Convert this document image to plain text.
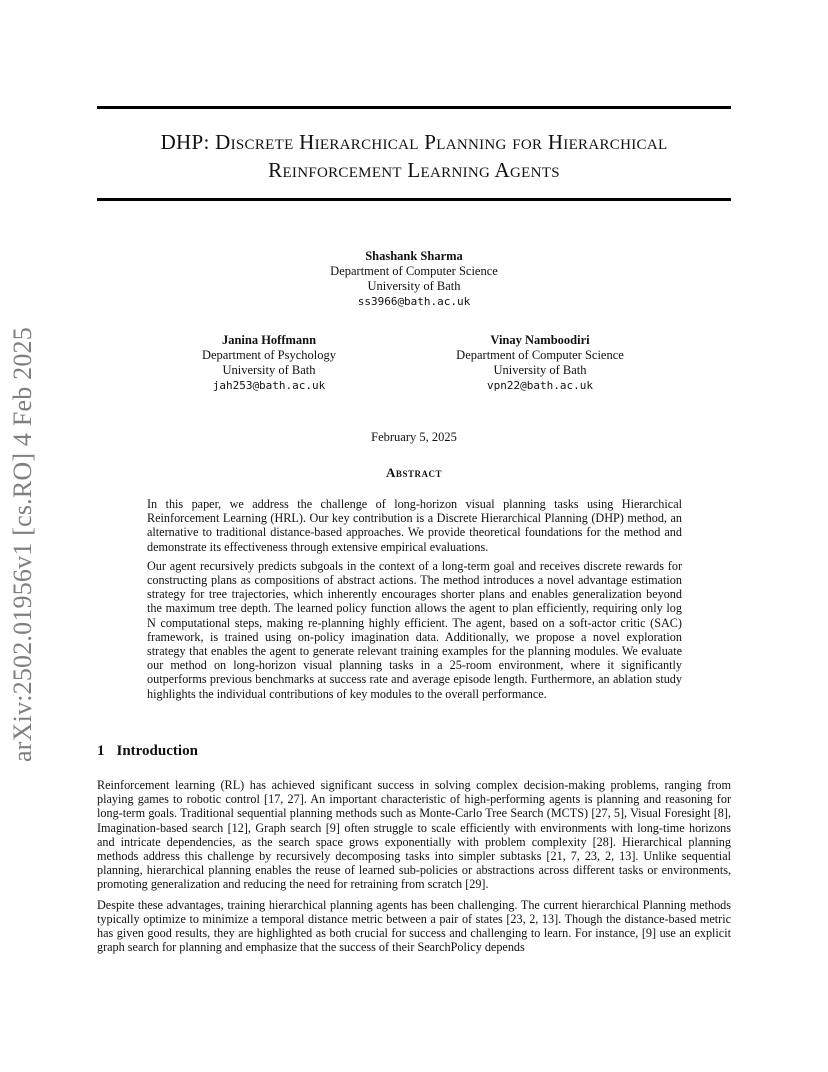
arXiv:2502.01956v1 [cs.RO] 4 Feb 2025
DHP: Discrete Hierarchical Planning for Hierarchical
Reinforcement Learning Agents
Shashank Sharma
Department of Computer Science
University of Bath
ss3966@bath.ac.uk
Janina Hoffmann
Department of Psychology
University of Bath
jah253@bath.ac.uk
Vinay Namboodiri
Department of Computer Science
University of Bath
vpn22@bath.ac.uk
February 5, 2025
Abstract

In this paper, we address the challenge of long-horizon visual planning tasks using Hierarchical Reinforcement Learning (HRL). Our key contribution is a Discrete Hierarchical Planning (DHP) method, an alternative to traditional distance-based approaches. We provide theoretical foundations for the method and demonstrate its effectiveness through extensive empirical evaluations.

Our agent recursively predicts subgoals in the context of a long-term goal and receives discrete rewards for constructing plans as compositions of abstract actions. The method introduces a novel advantage estimation strategy for tree trajectories, which inherently encourages shorter plans and enables generalization beyond the maximum tree depth. The learned policy function allows the agent to plan efficiently, requiring only log N computational steps, making re-planning highly efficient. The agent, based on a soft-actor critic (SAC) framework, is trained using on-policy imagination data. Additionally, we propose a novel exploration strategy that enables the agent to generate relevant training examples for the planning modules. We evaluate our method on long-horizon visual planning tasks in a 25-room environment, where it significantly outperforms previous benchmarks at success rate and average episode length. Furthermore, an ablation study highlights the individual contributions of key modules to the overall performance.

1 Introduction

Reinforcement learning (RL) has achieved significant success in solving complex decision-making problems, ranging from playing games to robotic control [17, 27]. An important characteristic of high-performing agents is planning and reasoning for long-term goals. Traditional sequential planning methods such as Monte-Carlo Tree Search (MCTS) [27, 5], Visual Foresight [8], Imagination-based search [12], Graph search [9] often struggle to scale efficiently with environments with long-time horizons and intricate dependencies, as the search space grows exponentially with problem complexity [28]. Hierarchical planning methods address this challenge by recursively decomposing tasks into simpler subtasks [21, 7, 23, 2, 13]. Unlike sequential planning, hierarchical planning enables the reuse of learned sub-policies or abstractions across different tasks or environments, promoting generalization and reducing the need for retraining from scratch [29].

Despite these advantages, training hierarchical planning agents has been challenging. The current hierarchical Planning methods typically optimize to minimize a temporal distance metric between a pair of states [23, 2, 13]. Though the distance-based metric has given good results, they are highlighted as both crucial for success and challenging to learn. For instance, [9] use an explicit graph search for planning and emphasize that the success of their SearchPolicy depends
